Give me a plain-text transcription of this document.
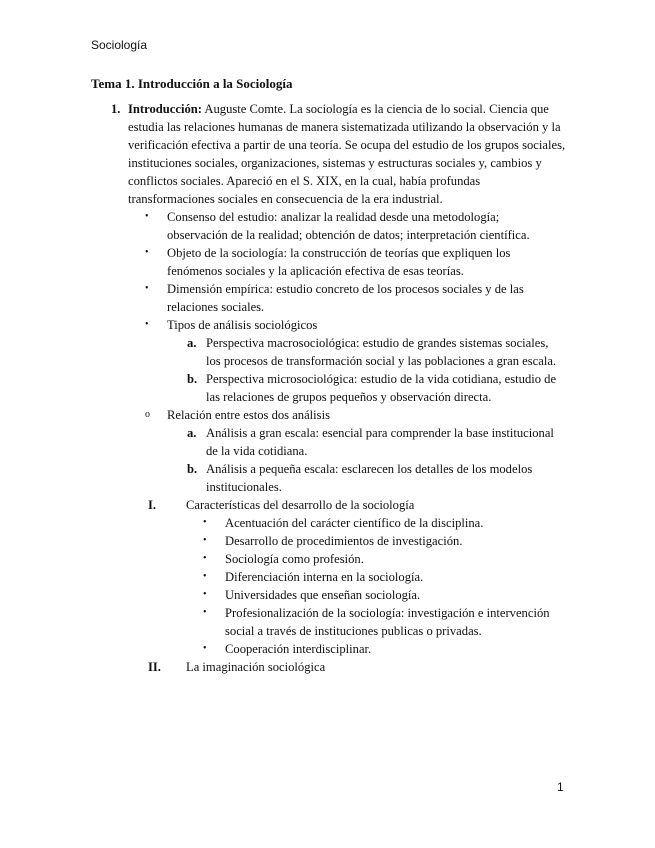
Sociología
Tema 1. Introducción a la Sociología
1. Introducción: Auguste Comte. La sociología es la ciencia de lo social. Ciencia que estudia las relaciones humanas de manera sistematizada utilizando la observación y la verificación efectiva a partir de una teoría. Se ocupa del estudio de los grupos sociales, instituciones sociales, organizaciones, sistemas y estructuras sociales y, cambios y conflictos sociales. Apareció en el S. XIX, en la cual, había profundas transformaciones sociales en consecuencia de la era industrial.
• Consenso del estudio: analizar la realidad desde una metodología; observación de la realidad; obtención de datos; interpretación científica.
• Objeto de la sociología: la construcción de teorías que expliquen los fenómenos sociales y la aplicación efectiva de esas teorías.
• Dimensión empírica: estudio concreto de los procesos sociales y de las relaciones sociales.
• Tipos de análisis sociológicos
a. Perspectiva macrosociológica: estudio de grandes sistemas sociales, los procesos de transformación social y las poblaciones a gran escala.
b. Perspectiva microsociológica: estudio de la vida cotidiana, estudio de las relaciones de grupos pequeños y observación directa.
o Relación entre estos dos análisis
a. Análisis a gran escala: esencial para comprender la base institucional de la vida cotidiana.
b. Análisis a pequeña escala: esclarecen los detalles de los modelos institucionales.
I. Características del desarrollo de la sociología
• Acentuación del carácter científico de la disciplina.
• Desarrollo de procedimientos de investigación.
• Sociología como profesión.
• Diferenciación interna en la sociología.
• Universidades que enseñan sociología.
• Profesionalización de la sociología: investigación e intervención social a través de instituciones publicas o privadas.
• Cooperación interdisciplinar.
II. La imaginación sociológica
1
